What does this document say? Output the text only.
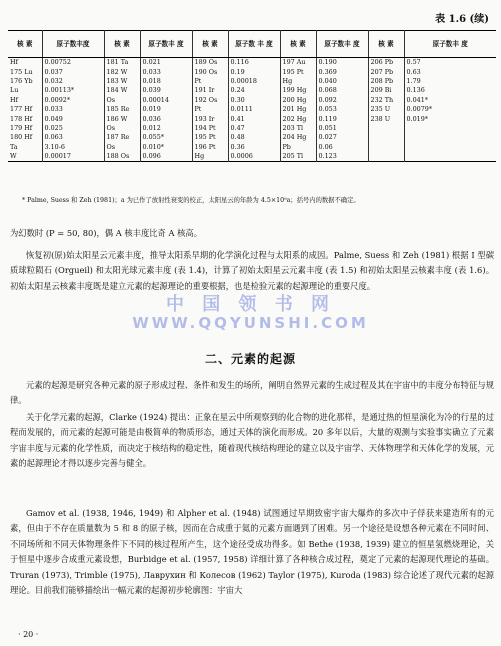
表 1.6 (续)
核 素	原子数丰度	核 素	原子数丰 度	核 素	原子数 丰 度	核 素	原子数丰 度	核 素	原子数丰 度
Hf	0.00752	181 Ta	0.021	189 Os	0.116	197 Au	0.190	206 Pb	0.57
175 Lu	0.037	182 W	0.033	190 Os	0.19	195 Pt	0.369	207 Pb	0.63
176 Yb	0.032	183 W	0.018	Pt	0.00018	Hg	0.040	208 Pb	1.79
Lu	0.00113*	184 W	0.039	191 Ir	0.24	199 Hg	0.068	209 Bi	0.136
Hf	0.0092*	Os	0.00014	192 Os	0.30	200 Hg	0.092	232 Th	0.041*
177 Hf	0.033	185 Re	0.019	Pt	0.0111	201 Hg	0.053	235 U	0.0079*
178 Hf	0.049	186 W	0.036	193 Ir	0.41	202 Hg	0.119	238 U	0.019*
179 Hf	0.025	Os	0.012	194 Pt	0.47	203 Tl	0.051		
180 Hf	0.063	187 Re	0.055*	195 Pt	0.48	204 Hg	0.027		
Ta	3.10-6	Os	0.010*	196 Pt	0.36	Pb	0.06		
W	0.00017	188 Os	0.096	Hg	0.0006	205 Tl	0.123		
* Palme, Suess 和 Zeh (1981)；a 为已作了放射性衰变的校正，太阳星云的年龄为 4.5×10⁹a；括号内的数据不确定。

为幻数时 (P = 50, 80)，偶 A 核丰度比奇 A 核高。

恢复初(原)始太阳星云元素丰度，推导太阳系早期的化学演化过程与太阳系的成因。Palme, Suess 和 Zeh (1981) 根据 I 型碳质球粒陨石 (Orgueil) 和太阳光球元素丰度 (表 1.4)，计算了初始太阳星云元素丰度 (表 1.5) 和初始太阳星云核素丰度 (表 1.6)。初始太阳星云核素丰度既是建立元素的起源理论的重要根据，也是检验元素的起源理论的重要尺度。

中 国 领 书 网
WWW.QQYUNSHI.COM
二、元素的起源

元素的起源是研究各种元素的原子形成过程、条件和发生的场所，阐明自然界元素的生成过程及其在宇宙中的丰度分布特征与规律。

关于化学元素的起源，Clarke (1924) 提出：正象在星云中所观察到的化合物的进化那样，是通过热的恒星演化为冷的行星的过程而发展的，而元素的起源可能是由极简单的物质形态，通过天体的演化而形成。20 多年以后，大量的观测与实验事实确立了元素宇宙丰度与元素的化学性质，而决定于核结构的稳定性，随着现代核结构理论的建立以及宇宙学、天体物理学和天体化学的发展，元素的起源理论才得以逐步完善与健全。

Gamov et al. (1938, 1946, 1949) 和 Alpher et al. (1948) 试图通过早期致密宇宙大爆炸的多次中子俘获来建造所有的元素，但由于不存在质量数为 5 和 8 的原子核，因而在合成重于氦的元素方面遇到了困难。另一个途径是设想各种元素在不同时间、不同场所和不同天体物理条件下不同的核过程所产生，这个途径受成功得多。如 Bethe (1938, 1939) 建立的恒星氢燃烧理论，关于恒星中逐步合成重元素设想，Burbidge et al. (1957, 1958) 详细计算了各种核合成过程，奠定了元素的起源现代理论的基础。Truran (1973), Trimble (1975), Лаврухин 和 Колесов (1962) Taylor (1975), Kuroda (1983) 综合论述了现代元素的起源理论。目前我们能够描绘出一幅元素的起源初步轮廓图：宇宙大

· 20 ·
